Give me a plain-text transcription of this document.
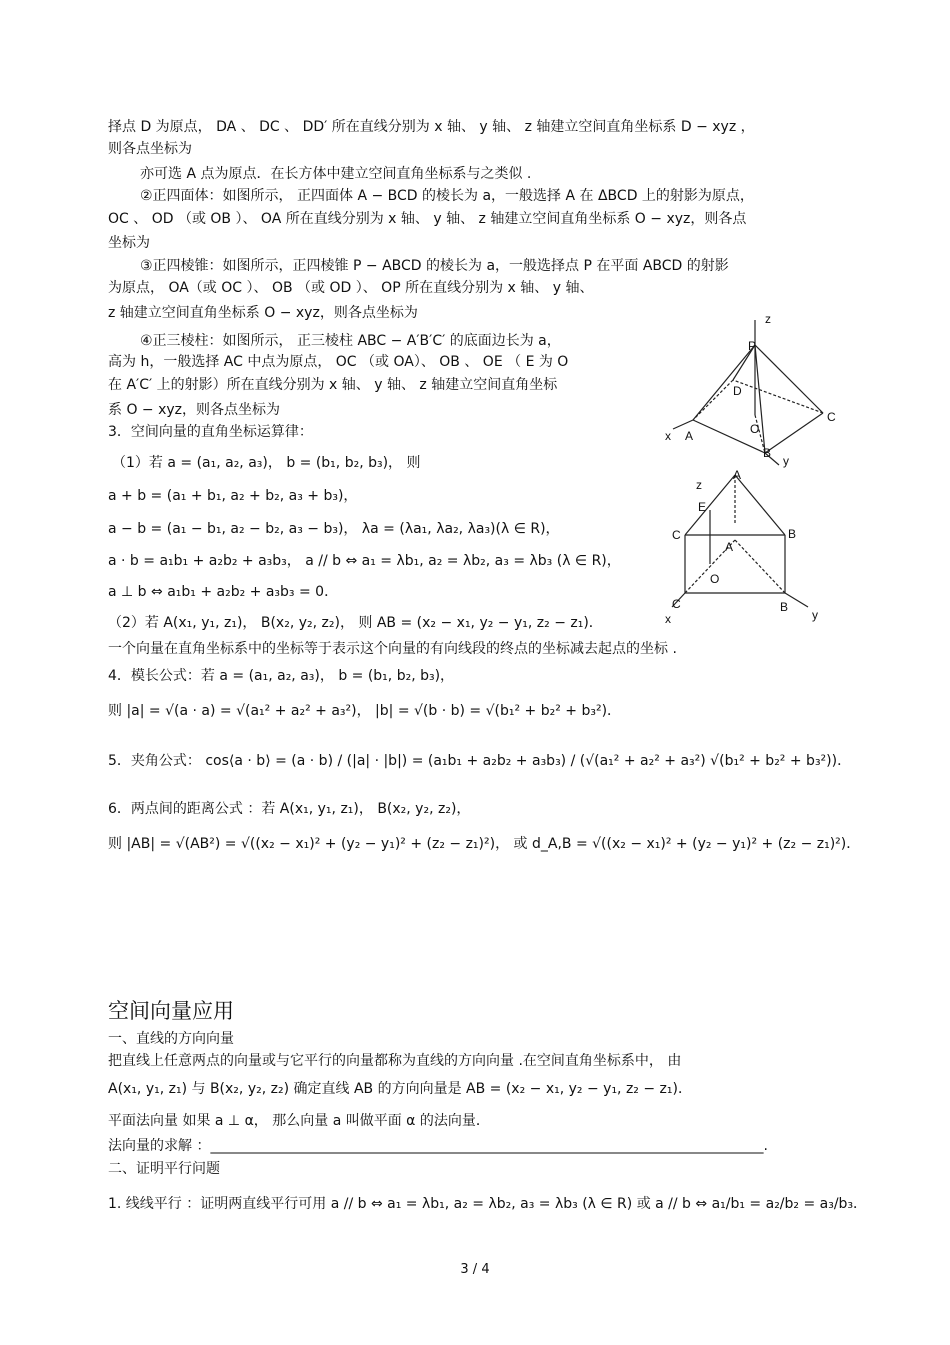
择点 D 为原点， DA 、 DC 、 DD′ 所在直线分别为 x 轴、 y 轴、 z 轴建立空间直角坐标系 D − xyz ，
则各点坐标为
亦可选 A 点为原点．在长方体中建立空间直角坐标系与之类似 .
②正四面体：如图所示， 正四面体 A − BCD 的棱长为 a，一般选择 A 在 ΔBCD 上的射影为原点，
OC 、 OD （或 OB ）、 OA 所在直线分别为 x 轴、 y 轴、 z 轴建立空间直角坐标系 O − xyz，则各点
坐标为
③正四棱锥：如图所示，正四棱锥 P − ABCD 的棱长为 a，一般选择点 P 在平面 ABCD 的射影
为原点， OA（或 OC ）、 OB （或 OD ）、 OP 所在直线分别为 x 轴、 y 轴、
z 轴建立空间直角坐标系 O − xyz，则各点坐标为
④正三棱柱：如图所示， 正三棱柱 ABC − A′B′C′ 的底面边长为 a，
高为 h，一般选择 AC 中点为原点， OC （或 OA）、 OB 、 OE （ E 为 O
在 A′C′ 上的射影）所在直线分别为 x 轴、 y 轴、 z 轴建立空间直角坐标
系 O − xyz，则各点坐标为
3．空间向量的直角坐标运算律：
（1）若 a = (a₁, a₂, a₃)， b = (b₁, b₂, b₃)， 则
a + b = (a₁ + b₁, a₂ + b₂, a₃ + b₃)，
a − b = (a₁ − b₁, a₂ − b₂, a₃ − b₃)， λa = (λa₁, λa₂, λa₃)(λ ∈ R)，
a · b = a₁b₁ + a₂b₂ + a₃b₃， a // b ⇔ a₁ = λb₁, a₂ = λb₂, a₃ = λb₃ (λ ∈ R)，
a ⊥ b ⇔ a₁b₁ + a₂b₂ + a₃b₃ = 0．
（2）若 A(x₁, y₁, z₁)， B(x₂, y₂, z₂)， 则 AB = (x₂ − x₁, y₂ − y₁, z₂ − z₁)．
一个向量在直角坐标系中的坐标等于表示这个向量的有向线段的终点的坐标减去起点的坐标 .
4．模长公式：若 a = (a₁, a₂, a₃)， b = (b₁, b₂, b₃)，
则 |a| = √(a · a) = √(a₁² + a₂² + a₃²)， |b| = √(b · b) = √(b₁² + b₂² + b₃²)．
5．夹角公式： cos⟨a · b⟩ = (a · b) / (|a| · |b|) = (a₁b₁ + a₂b₂ + a₃b₃) / (√(a₁² + a₂² + a₃²) √(b₁² + b₂² + b₃²))．
6．两点间的距离公式 ：若 A(x₁, y₁, z₁)， B(x₂, y₂, z₂)，
则 |AB| = √(AB²) = √((x₂ − x₁)² + (y₂ − y₁)² + (z₂ − z₁)²)， 或 d_A,B = √((x₂ − x₁)² + (y₂ − y₁)² + (z₂ − z₁)²)．
空间向量应用
一、直线的方向向量
把直线上任意两点的向量或与它平行的向量都称为直线的方向向量 .在空间直角坐标系中， 由
A(x₁, y₁, z₁) 与 B(x₂, y₂, z₂) 确定直线 AB 的方向向量是 AB = (x₂ − x₁, y₂ − y₁, z₂ − z₁)．
平面法向量 如果 a ⊥ α， 那么向量 a 叫做平面 α 的法向量．
法向量的求解 ：_______________________________________________________________________________.
二、证明平行问题
1. 线线平行 ：证明两直线平行可用 a // b ⇔ a₁ = λb₁, a₂ = λb₂, a₃ = λb₃ (λ ∈ R) 或 a // b ⇔ a₁/b₁ = a₂/b₂ = a₃/b₃．
z
P
D
C
O
x A
B
y
A
z
E
C	B
A
O
x
C	B
y
3 / 4
